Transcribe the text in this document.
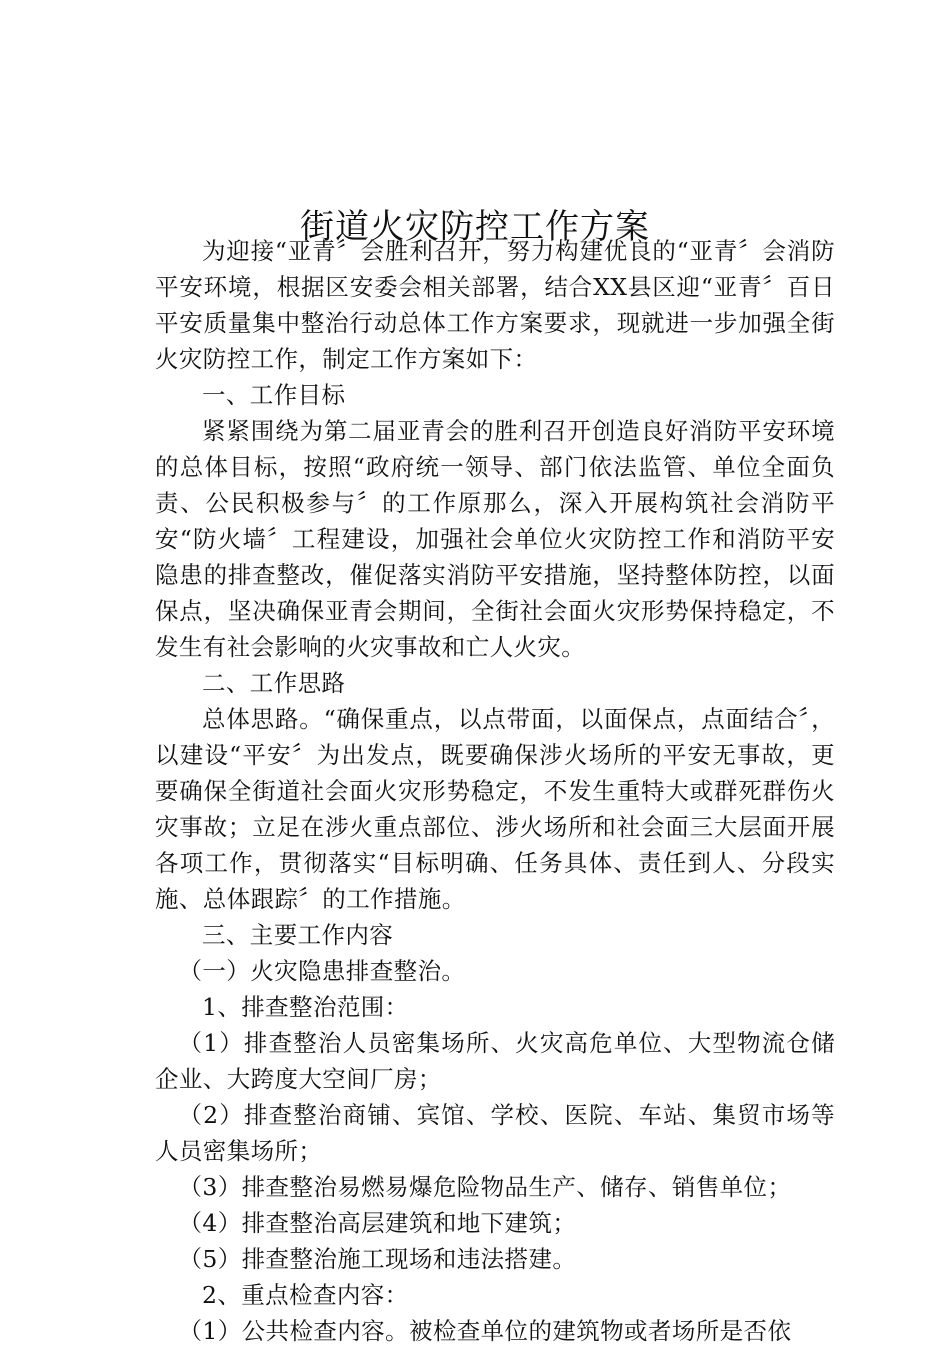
街道火灾防控工作方案

为迎接“亚青〞会胜利召开，努力构建优良的“亚青〞会消防平安环境，根据区安委会相关部署，结合XX县区迎“亚青〞百日平安质量集中整治行动总体工作方案要求，现就进一步加强全街火灾防控工作，制定工作方案如下：

一、工作目标

紧紧围绕为第二届亚青会的胜利召开创造良好消防平安环境的总体目标，按照“政府统一领导、部门依法监管、单位全面负责、公民积极参与〞的工作原那么，深入开展构筑社会消防平安“防火墙〞工程建设，加强社会单位火灾防控工作和消防平安隐患的排查整改，催促落实消防平安措施，坚持整体防控，以面保点，坚决确保亚青会期间，全街社会面火灾形势保持稳定，不发生有社会影响的火灾事故和亡人火灾。

二、工作思路

总体思路。“确保重点，以点带面，以面保点，点面结合〞，以建设“平安〞为出发点，既要确保涉火场所的平安无事故，更要确保全街道社会面火灾形势稳定，不发生重特大或群死群伤火灾事故；立足在涉火重点部位、涉火场所和社会面三大层面开展各项工作，贯彻落实“目标明确、任务具体、责任到人、分段实施、总体跟踪〞的工作措施。

三、主要工作内容

（一）火灾隐患排查整治。

1、排查整治范围：

（1）排查整治人员密集场所、火灾高危单位、大型物流仓储企业、大跨度大空间厂房；

（2）排查整治商铺、宾馆、学校、医院、车站、集贸市场等人员密集场所；

（3）排查整治易燃易爆危险物品生产、储存、销售单位；

（4）排查整治高层建筑和地下建筑；

（5）排查整治施工现场和违法搭建。

2、重点检查内容：

（1）公共检查内容。被检查单位的建筑物或者场所是否依
